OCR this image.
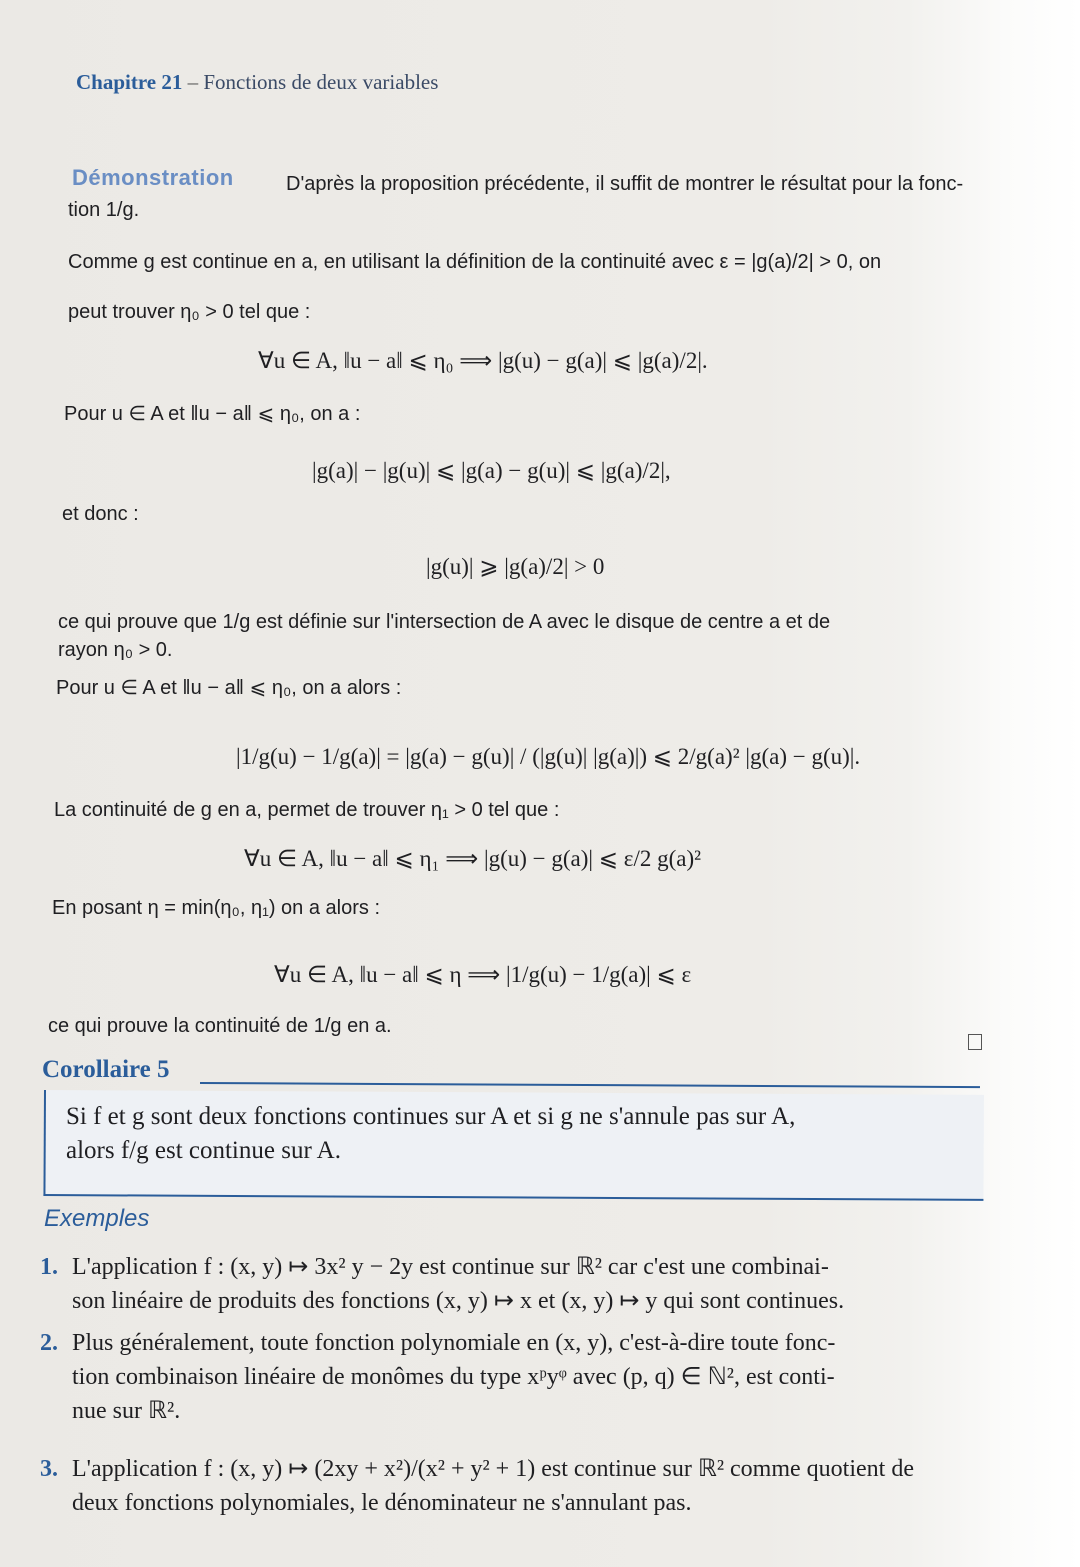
Chapitre 21 – Fonctions de deux variables
Démonstration	D'après la proposition précédente, il suffit de montrer le résultat pour la fonc-
tion 1/g.
Comme g est continue en a, en utilisant la définition de la continuité avec ε = |g(a)/2| > 0, on
peut trouver η₀ > 0 tel que :
∀u ∈ A, ‖u − a‖ ⩽ η₀ ⟹ |g(u) − g(a)| ⩽ |g(a)/2|.
Pour u ∈ A et ‖u − a‖ ⩽ η₀, on a :
|g(a)| − |g(u)| ⩽ |g(a) − g(u)| ⩽ |g(a)/2|,
et donc :
|g(u)| ⩾ |g(a)/2| > 0
ce qui prouve que 1/g est définie sur l'intersection de A avec le disque de centre a et de
rayon η₀ > 0.
Pour u ∈ A et ‖u − a‖ ⩽ η₀, on a alors :
|1/g(u) − 1/g(a)| = |g(a) − g(u)| / (|g(u)| |g(a)|) ⩽ 2/g(a)² |g(a) − g(u)|.
La continuité de g en a, permet de trouver η₁ > 0 tel que :
∀u ∈ A, ‖u − a‖ ⩽ η₁ ⟹ |g(u) − g(a)| ⩽ ε/2 g(a)²
En posant η = min(η₀, η₁) on a alors :
∀u ∈ A, ‖u − a‖ ⩽ η ⟹ |1/g(u) − 1/g(a)| ⩽ ε
ce qui prouve la continuité de 1/g en a.
Corollaire 5
Si f et g sont deux fonctions continues sur A et si g ne s'annule pas sur A,
alors f/g est continue sur A.
Exemples
1. L'application f : (x, y) ↦ 3x² y − 2y est continue sur ℝ² car c'est une combinai-
son linéaire de produits des fonctions (x, y) ↦ x et (x, y) ↦ y qui sont continues.
2. Plus généralement, toute fonction polynomiale en (x, y), c'est-à-dire toute fonc-
tion combinaison linéaire de monômes du type xᵖyᵠ avec (p, q) ∈ ℕ², est conti-
nue sur ℝ².
3. L'application f : (x, y) ↦ (2xy + x²)/(x² + y² + 1) est continue sur ℝ² comme quotient de
deux fonctions polynomiales, le dénominateur ne s'annulant pas.
